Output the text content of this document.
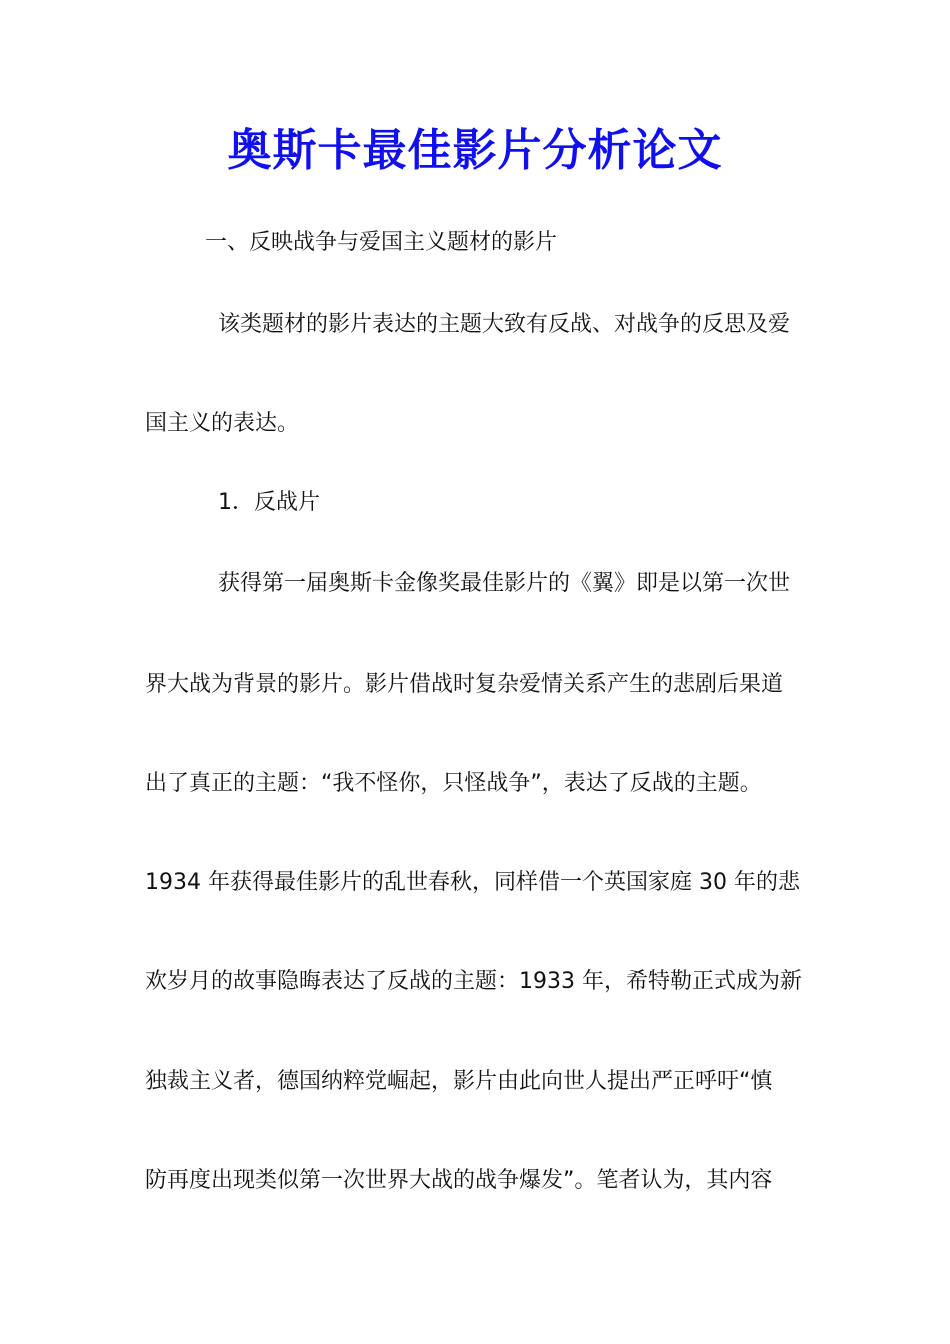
奥斯卡最佳影片分析论文

一、反映战争与爱国主义题材的影片

该类题材的影片表达的主题大致有反战、对战争的反思及爱

国主义的表达。

1．反战片

获得第一届奥斯卡金像奖最佳影片的《翼》即是以第一次世

界大战为背景的影片。影片借战时复杂爱情关系产生的悲剧后果道

出了真正的主题：“我不怪你，只怪战争”，表达了反战的主题。

1934 年获得最佳影片的乱世春秋，同样借一个英国家庭 30 年的悲

欢岁月的故事隐晦表达了反战的主题：1933 年，希特勒正式成为新

独裁主义者，德国纳粹党崛起，影片由此向世人提出严正呼吁“慎

防再度出现类似第一次世界大战的战争爆发”。笔者认为，其内容
